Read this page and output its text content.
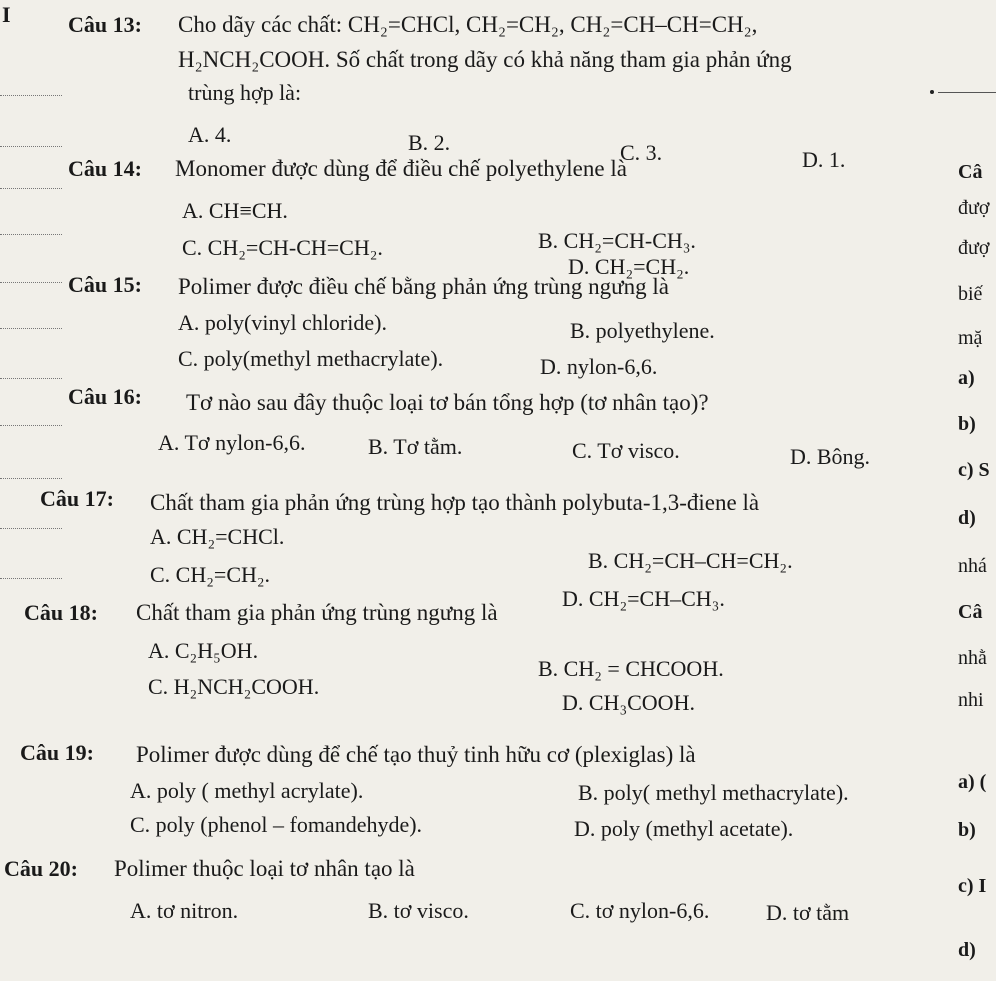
I	Câu 13: Cho dãy các chất: CH₂=CHCl, CH₂=CH₂, CH₂=CH–CH=CH₂,
H₂NCH₂COOH. Số chất trong dãy có khả năng tham gia phản ứng
trùng hợp là:
A. 4.	B. 2.	C. 3.	D. 1.
Câu 14: Monomer được dùng để điều chế polyethylene là
A. CH≡CH.
B. CH₂=CH-CH₃.
C. CH₂=CH-CH=CH₂.
D. CH₂=CH₂.
Câu 15: Polimer được điều chế bằng phản ứng trùng ngưng là
A. poly(vinyl chloride).	B. polyethylene.
C. poly(methyl methacrylate).	D. nylon-6,6.
Câu 16: Tơ nào sau đây thuộc loại tơ bán tổng hợp (tơ nhân tạo)?
A. Tơ nylon-6,6.	B. Tơ tằm.	C. Tơ visco.	D. Bông.
Câu 17: Chất tham gia phản ứng trùng hợp tạo thành polybuta-1,3-điene là
A. CH₂=CHCl.
B. CH₂=CH–CH=CH₂.
C. CH₂=CH₂.
D. CH₂=CH–CH₃.
Câu 18: Chất tham gia phản ứng trùng ngưng là
A. C₂H₅OH.
B. CH₂ = CHCOOH.
C. H₂NCH₂COOH.
D. CH₃COOH.
Câu 19: Polimer được dùng để chế tạo thuỷ tinh hữu cơ (plexiglas) là
A. poly ( methyl acrylate).	B. poly( methyl methacrylate).
C. poly (phenol – fomandehyde).	D. poly (methyl acetate).
Câu 20: Polimer thuộc loại tơ nhân tạo là
A. tơ nitron.	B. tơ visco.	C. tơ nylon-6,6.	D. tơ tằm
Câ
đượ
đượ
biế
mặ
a)
b)
c) S
d)
nhá
Câ
nhằ
nhi
a) (
b)
c) I
d)
